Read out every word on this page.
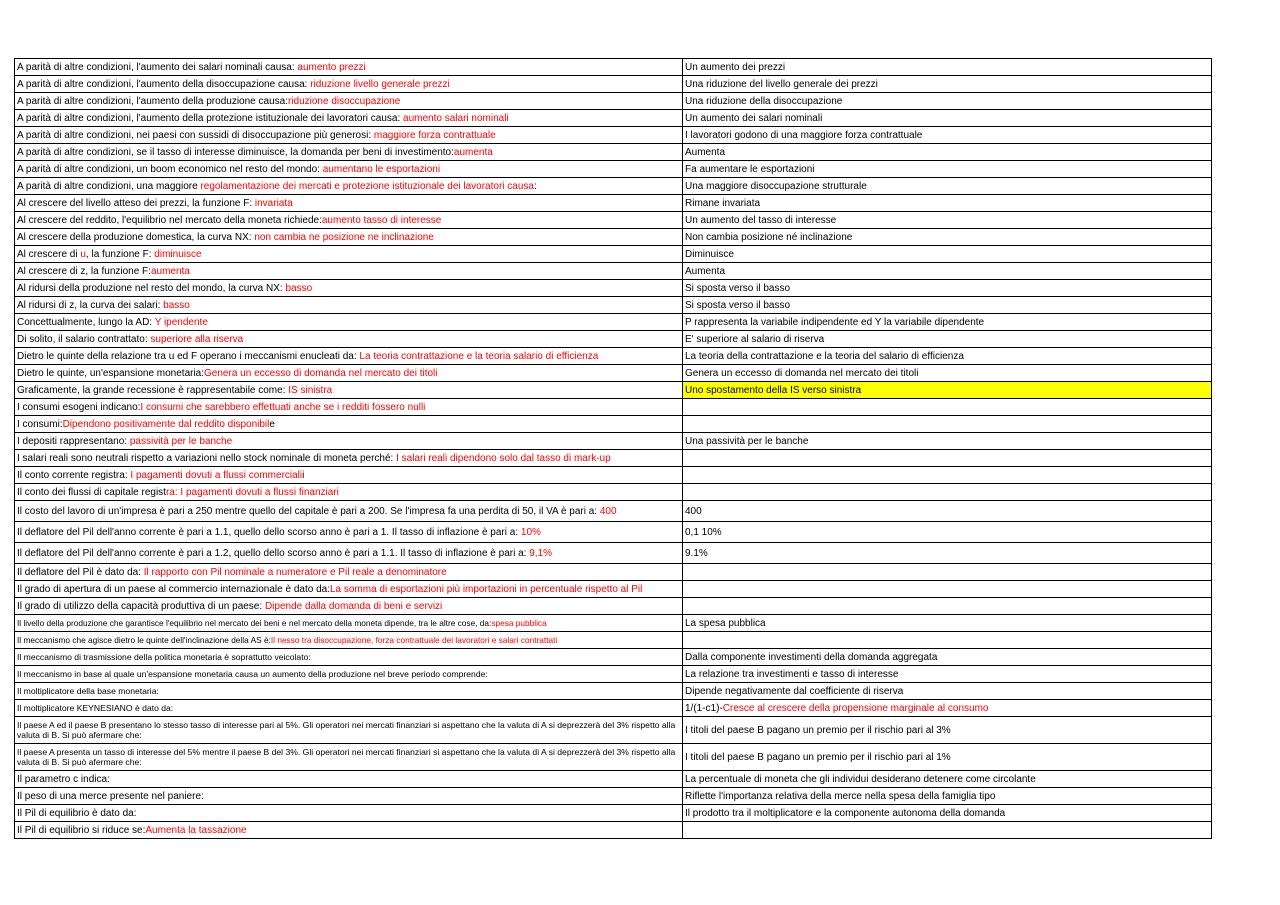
A parità di altre condizioni, l'aumento dei salari nominali causa: aumento prezzi	Un aumento dei prezzi
A parità di altre condizioni, l'aumento della disoccupazione causa: riduzione livello generale prezzi	Una riduzione del livello generale dei prezzi
A parità di altre condizioni, l'aumento della produzione causa:riduzione disoccupazione	Una riduzione della disoccupazione
A parità di altre condizioni, l'aumento della protezione istituzionale dei lavoratori causa: aumento salari nominali	Un aumento dei salari nominali
A parità di altre condizioni, nei paesi con sussidi di disoccupazione più generosi: maggiore forza contrattuale	I lavoratori godono di una maggiore forza contrattuale
A parità di altre condizioni, se il tasso di interesse diminuisce, la domanda per beni di investimento:aumenta	Aumenta
A parità di altre condizioni, un boom economico nel resto del mondo: aumentano le esportazioni	Fa aumentare le esportazioni
A parità di altre condizioni, una maggiore regolamentazione dei mercati e protezione istituzionale dei lavoratori causa:	Una maggiore disoccupazione strutturale
Al crescere del livello atteso dei prezzi, la funzione F: invariata	Rimane invariata
Al crescere del reddito, l'equilibrio nel mercato della moneta richiede:aumento tasso di interesse	Un aumento del tasso di interesse
Al crescere della produzione domestica, la curva NX: non cambia ne posizione ne inclinazione	Non cambia posizione né inclinazione
Al crescere di u, la funzione F: diminuisce	Diminuisce
Al crescere di z, la funzione F:aumenta	Aumenta
Al ridursi della produzione nel resto del mondo, la curva NX: basso	Si sposta verso il basso
Al ridursi di z, la curva dei salari: basso	Si sposta verso il basso
Concettualmente, lungo la AD: Y ipendente	P rappresenta la variabile indipendente ed Y la variabile dipendente
Di solito, il salario contrattato: superiore alla riserva	E' superiore al salario di riserva
Dietro le quinte della relazione tra u ed F operano i meccanismi enucleati da: La teoria contrattazione e la teoria salario di efficienza	La teoria della contrattazione e la teoria del salario di efficienza
Dietro le quinte, un'espansione monetaria:Genera un eccesso di domanda nel mercato dei titoli	Genera un eccesso di domanda nel mercato dei titoli
Graficamente, la grande recessione è rappresentabile come: IS sinistra	Uno spostamento della IS verso sinistra
I consumi esogeni indicano:I consumi che sarebbero effettuati anche se i redditi fossero nulli	
I consumi:Dipendono positivamente dal reddito disponibile	
I depositi rappresentano: passività per le banche	Una passività per le banche
I salari reali sono neutrali rispetto a variazioni nello stock nominale di moneta perché: I salari reali dipendono solo dal tasso di mark-up	
Il conto corrente registra: I pagamenti dovuti a flussi commercialii	
Il conto dei flussi di capitale registra: I pagamenti dovuti a flussi finanziari	
Il costo del lavoro di un'impresa è pari a 250 mentre quello del capitale è pari a 200. Se l'impresa fa una perdita di 50, il VA è pari a: 400	400
Il deflatore del Pil dell'anno corrente è pari a 1.1, quello dello scorso anno è pari a 1. Il tasso di inflazione è pari a: 10%	0,1 10%
Il deflatore del Pil dell'anno corrente è pari a 1.2, quello dello scorso anno è pari a 1.1. Il tasso di inflazione è pari a: 9,1%	9.1%
Il deflatore del Pil è dato da: Il rapporto con Pil nominale a numeratore e Pil reale a denominatore	
Il grado di apertura di un paese al commercio internazionale è dato da:La somma di esportazioni più importazioni in percentuale rispetto al Pil	
Il grado di utilizzo della capacità produttiva di un paese: Dipende dalla domanda di beni e servizi	
Il livello della produzione che garantisce l'equilibrio nel mercato dei beni e nel mercato della moneta dipende, tra le altre cose, da:spesa pubblica	La spesa pubblica
Il meccanismo che agisce dietro le quinte dell'inclinazione della AS è:Il nesso tra disoccupazione, forza contrattuale dei lavoratori e salari contrattati	
Il meccanismo di trasmissione della politica monetaria è soprattutto veicolato:	Dalla componente investimenti della domanda aggregata
Il meccanismo in base al quale un'espansione monetaria causa un aumento della produzione nel breve periodo comprende:	La relazione tra investimenti e tasso di interesse
Il moltiplicatore della base monetaria:	Dipende negativamente dal coefficiente di riserva
Il moltiplicatore KEYNESIANO è dato da:	1/(1-c1)-Cresce al crescere della propensione marginale al consumo
Il paese A ed il paese B presentano lo stesso tasso di interesse pari al 5%. Gli operatori nei mercati finanziari si aspettano che la valuta di A si deprezzerà del 3% rispetto alla valuta di B. Si può afermare che:	I titoli del paese B pagano un premio per il rischio pari al 3%
Il paese A presenta un tasso di interesse del 5% mentre il paese B del 3%. Gli operatori nei mercati finanziari si aspettano che la valuta di A si deprezzerà del 3% rispetto alla valuta di B. Si può afermare che:	I titoli del paese B pagano un premio per il rischio pari al 1%
Il parametro c indica:	La percentuale di moneta che gli individui desiderano detenere come circolante
Il peso di una merce presente nel paniere:	Riflette l'importanza relativa della merce nella spesa della famiglia tipo
Il Pil di equilibrio è dato da:	Il prodotto tra il moltiplicatore e la componente autonoma della domanda
Il Pil di equilibrio si riduce se:Aumenta la tassazione	
